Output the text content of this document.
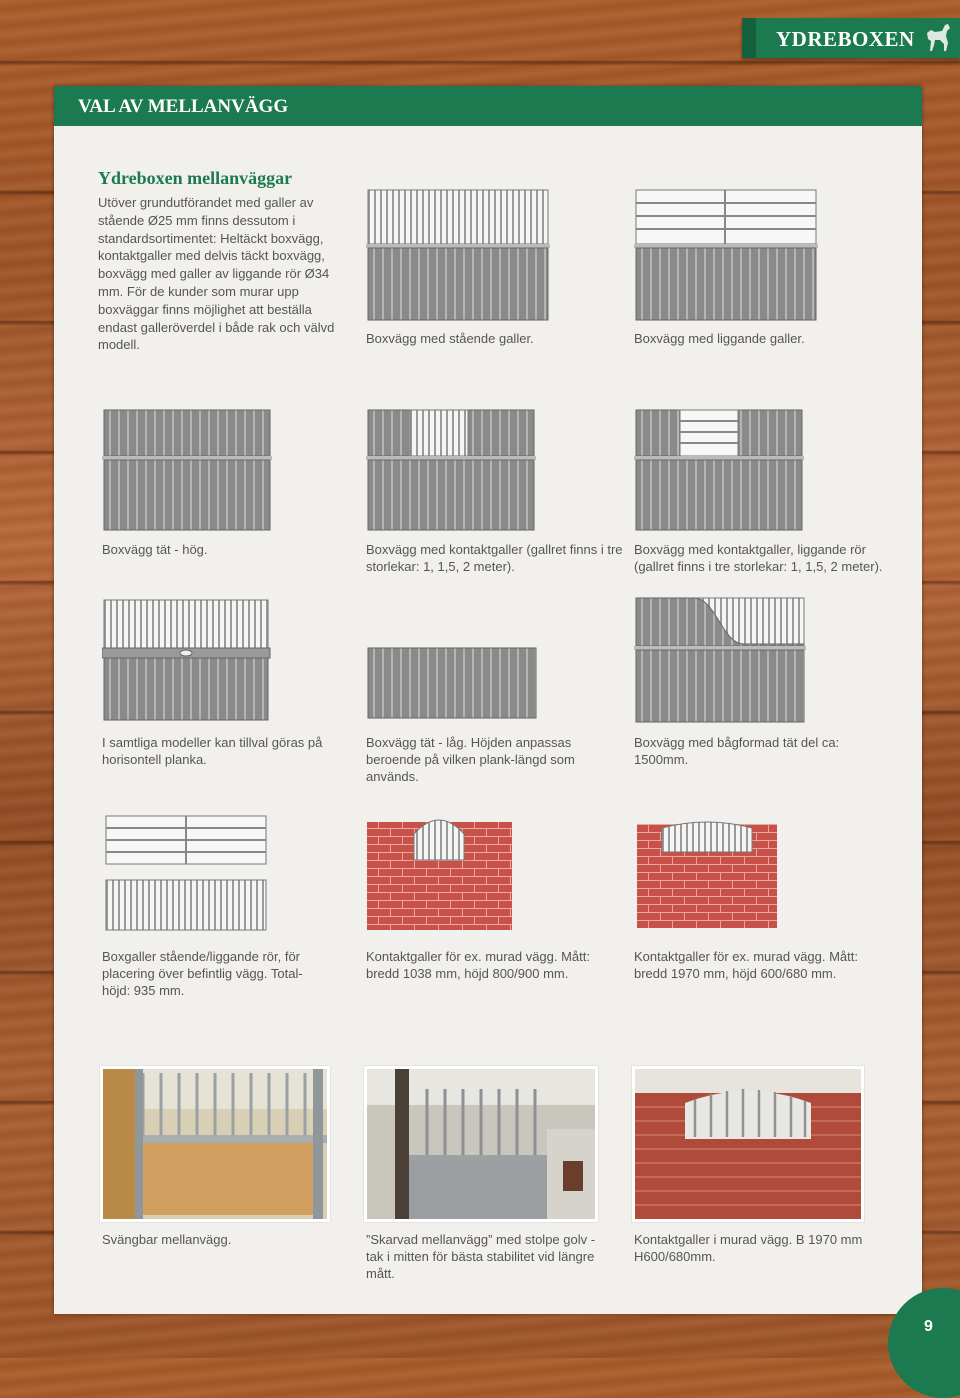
YDREBOXEN
VAL AV MELLANVÄGG
Ydreboxen mellanväggar
Utöver grundutförandet med galler av stående Ø25 mm finns dessutom i standardsortimentet: Heltäckt boxvägg, kontaktgaller med delvis täckt boxvägg, boxvägg med galler av liggande rör Ø34 mm. För de kunder som murar upp boxväggar finns möjlighet att beställa endast galleröverdel i både rak och välvd modell.	Boxvägg med stående galler.	Boxvägg med liggande galler.
Boxvägg tät - hög.	Boxvägg med kontaktgaller (gallret finns i tre storlekar: 1, 1,5, 2 meter).
Boxvägg med kontaktgaller, liggande rör (gallret finns i tre storlekar: 1, 1,5, 2 meter).
I samtliga modeller kan tillval göras på horisontell planka.
Boxvägg tät - låg. Höjden anpassas beroende på vilken plank-längd som används.
Boxvägg med bågformad tät del ca: 1500mm.
Boxgaller stående/liggande rör, för placering över befintlig vägg. Total-höjd: 935 mm.
Kontaktgaller för ex. murad vägg. Mått: bredd 1038 mm, höjd 800/900 mm.
Kontaktgaller för ex. murad vägg. Mått: bredd 1970 mm, höjd 600/680 mm.
Svängbar mellanvägg.	”Skarvad mellanvägg” med stolpe golv - tak i mitten för bästa stabilitet vid längre mått.
Kontaktgaller i murad vägg. B 1970 mm H600/680mm.
9
